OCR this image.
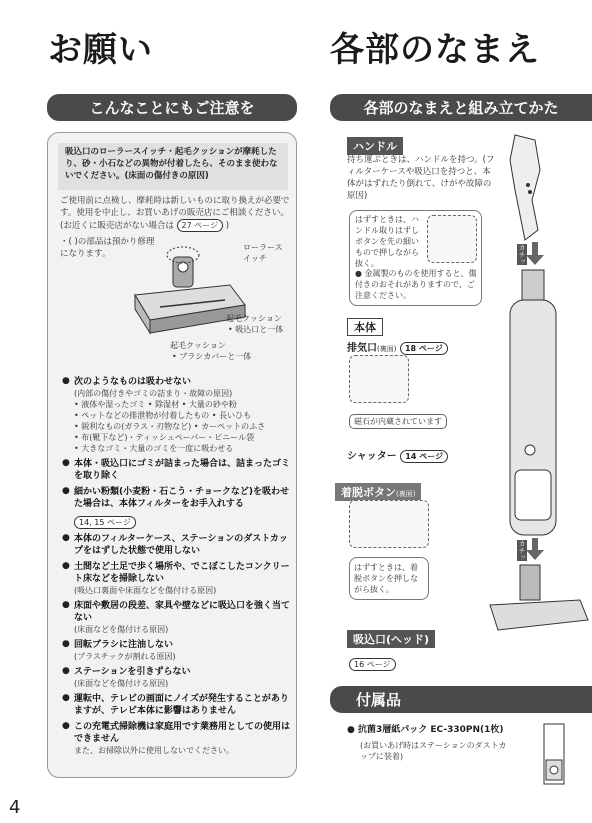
お願い	各部のなまえ
こんなことにもご注意を	各部のなまえと組み立てかた
吸込口のローラースイッチ・起毛クッションが摩耗したり、砂・小石などの異物が付着したら、そのまま使わないでください。(床面の傷付きの原因)
ご使用前に点検し、摩耗時は新しいものに取り換えが必要です。使用を中止し、お買いあげの販売店にご相談ください。(お近くに販売店がない場合は 27 ページ )
・( )の部品は預かり修理になります。
ローラースイッチ
起毛クッション
• 吸込口と一体
起毛クッション
• ブラシカバーと一体
● 次のようなものは吸わせない
(内部の傷付きやゴミの詰まり・故障の原因)
• 液体や湿ったゴミ • 除湿材 • 大量の砂や粉
• ペットなどの排泄物が付着したもの • 長いひも
• 鋭利なもの(ガラス・刃物など) • カーペットのふさ
• 布(靴下など)・ティッシュペーパー・ビニール袋
• 大きなゴミ・大量のゴミを一度に吸わせる
● 本体・吸込口にゴミが詰まった場合は、詰まったゴミを取り除く
● 細かい粉類(小麦粉・石こう・チョークなど)を吸わせた場合は、本体フィルターをお手入れする
14, 15 ページ
● 本体のフィルターケース、ステーションのダストカップをはずした状態で使用しない
● 土間など土足で歩く場所や、でこぼこしたコンクリート床などを掃除しない
(吸込口裏面や床面などを傷付ける原因)
● 床面や敷居の段差、家具や壁などに吸込口を強く当てない
(床面などを傷付ける原因)
● 回転ブラシに注油しない
(プラスチックが割れる原因)
● ステーションを引きずらない
(床面などを傷付ける原因)
● 運転中、テレビの画面にノイズが発生することがありますが、テレビ本体に影響はありません
● この充電式掃除機は家庭用です業務用としての使用はできません
また、お掃除以外に使用しないでください。
ハンドル
持ち運ぶときは、ハンドルを持つ。(フィルターケースや吸込口を持つと、本体がはずれたり倒れて、けがや故障の原因)
はずすときは、ハンドル取りはずしボタンを先の細いもので押しながら抜く。
● 金属製のものを使用すると、傷付きのおそれがありますので、ご注意ください。
本体
排気口(裏面) 18 ページ
磁石が内蔵されています
シャッター 14 ページ
着脱ボタン(裏面)
はずすときは、着脱ボタンを押しながら抜く。
吸込口(ヘッド)
16 ページ
カチッ
カチッ
付属品
● 抗菌3層紙パック EC-330PN(1枚)
(お買いあげ時はステーションのダストカップに装着)
4
